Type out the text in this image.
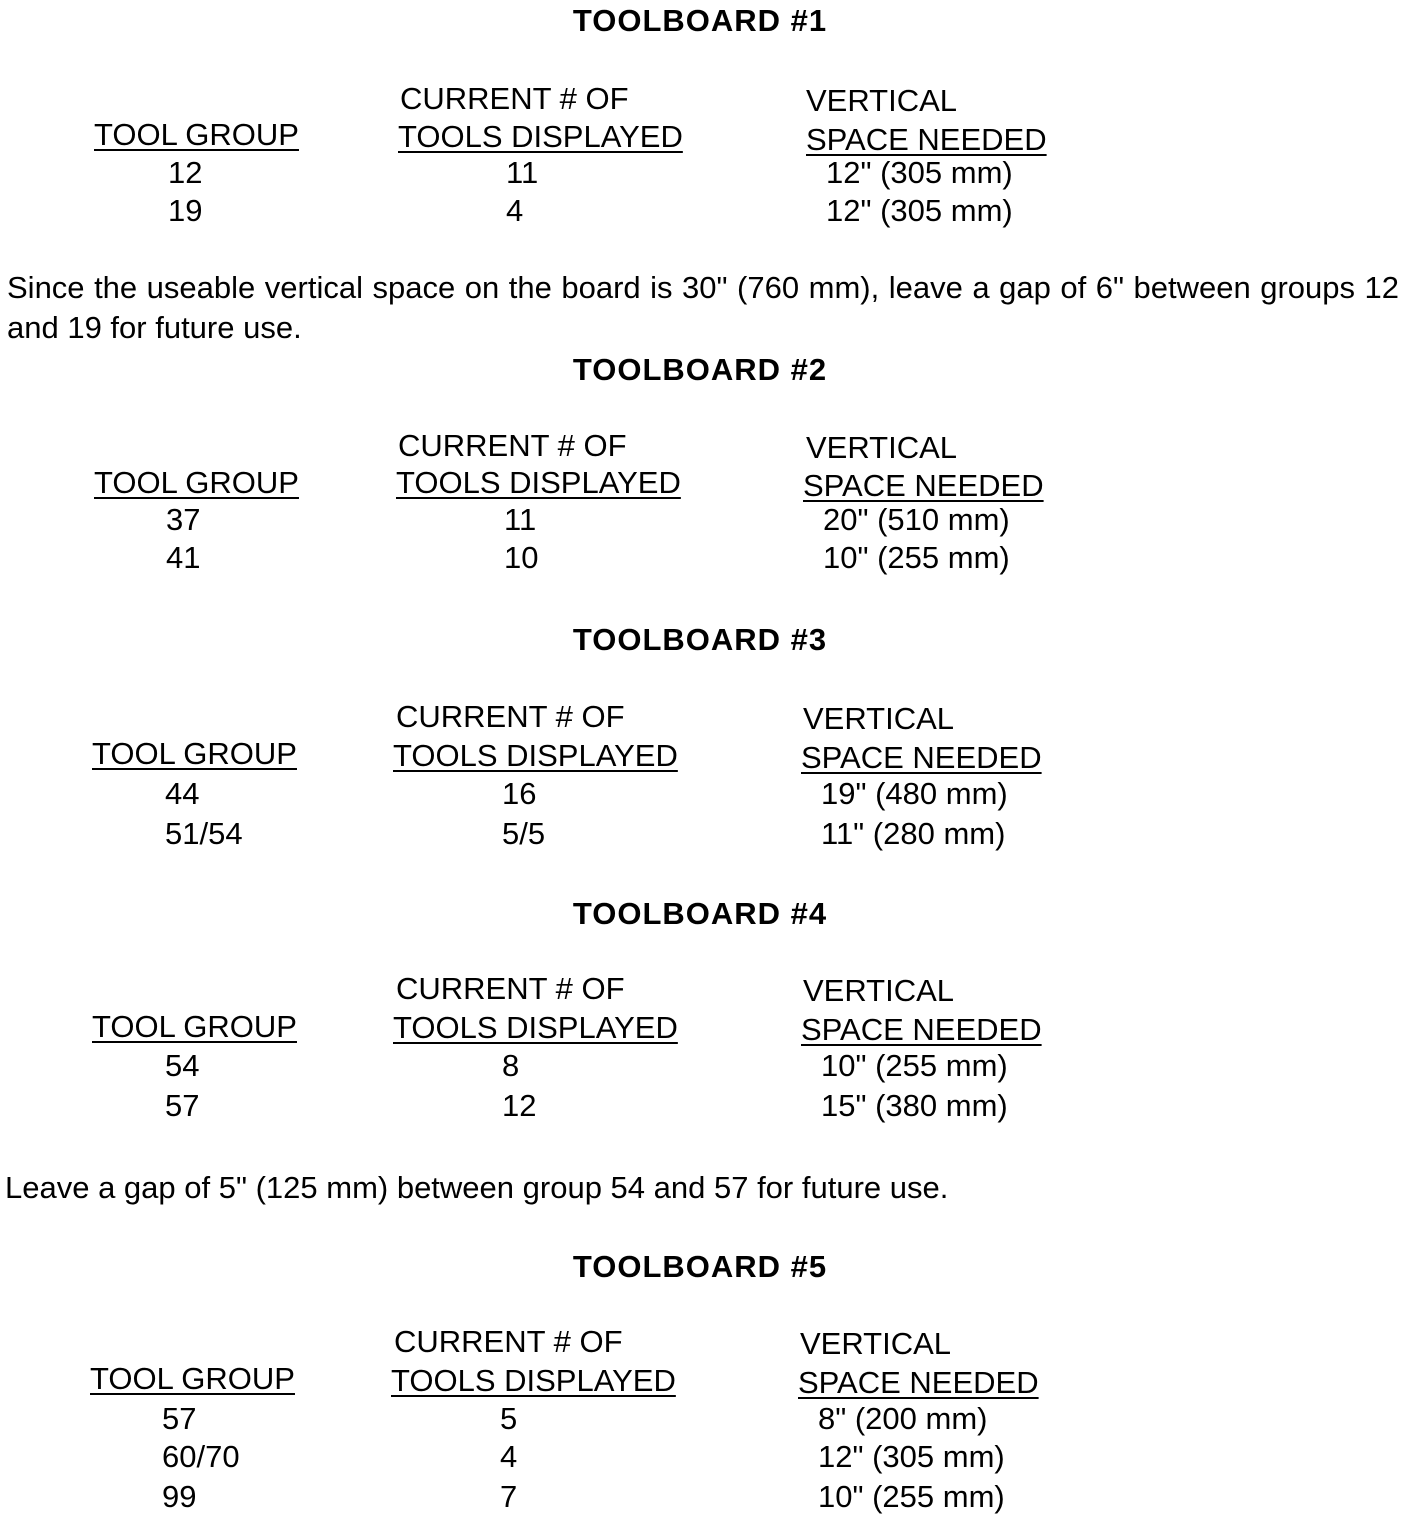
TOOLBOARD #1
CURRENT # OF	VERTICAL
TOOL GROUP	TOOLS DISPLAYED	SPACE NEEDED
12	11	12" (305 mm)
19	4	12" (305 mm)
Since the useable vertical space on the board is 30" (760 mm), leave a gap of 6" between groups 12 and 19 for future use.
TOOLBOARD #2
CURRENT # OF	VERTICAL
TOOL GROUP	TOOLS DISPLAYED	SPACE NEEDED
37	11	20" (510 mm)
41	10	10" (255 mm)
TOOLBOARD #3
CURRENT # OF	VERTICAL
TOOL GROUP	TOOLS DISPLAYED	SPACE NEEDED
44	16	19" (480 mm)
51/54	5/5	11" (280 mm)
TOOLBOARD #4
CURRENT # OF	VERTICAL
TOOL GROUP	TOOLS DISPLAYED	SPACE NEEDED
54	8	10" (255 mm)
57	12	15" (380 mm)
Leave a gap of 5" (125 mm) between group 54 and 57 for future use.
TOOLBOARD #5
CURRENT # OF	VERTICAL
TOOL GROUP	TOOLS DISPLAYED	SPACE NEEDED
57	5	8" (200 mm)
60/70	4	12" (305 mm)
99	7	10" (255 mm)
